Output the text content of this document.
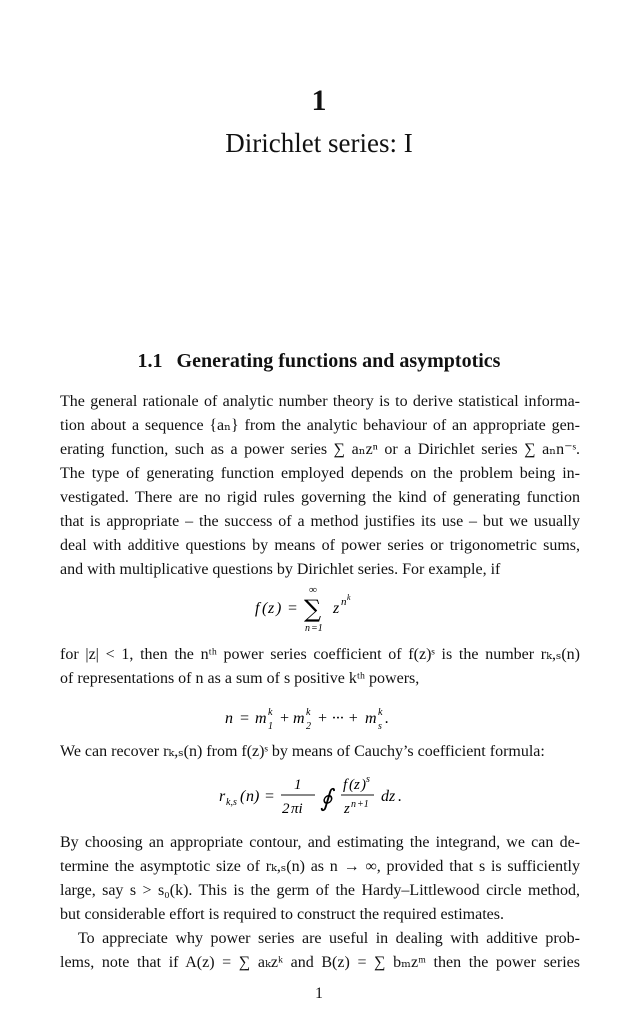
1
Dirichlet series: I
1.1 Generating functions and asymptotics
The general rationale of analytic number theory is to derive statistical informa-
tion about a sequence {aₙ} from the analytic behaviour of an appropriate gen-
erating function, such as a power series ∑ aₙzⁿ or a Dirichlet series ∑ aₙn⁻ˢ.
The type of generating function employed depends on the problem being in-
vestigated. There are no rigid rules governing the kind of generating function
that is appropriate – the success of a method justifies its use – but we usually
deal with additive questions by means of power series or trigonometric sums,
and with multiplicative questions by Dirichlet series. For example, if
f ( z ) =
∞
∑
n =1
z n k
for |z| < 1, then the nᵗʰ power series coefficient of f(z)ˢ is the number rₖ,ₛ(n)
of representations of n as a sum of s positive kᵗʰ powers,
n = m k
1 + m k
2 + ··· + m k
s .
We can recover rₖ,ₛ(n) from f(z)ˢ by means of Cauchy’s coefficient formula:
r k,s ( n ) =
1
2 πi ∮ f ( z ) s
z n +1 dz .
By choosing an appropriate contour, and estimating the integrand, we can de-
termine the asymptotic size of rₖ,ₛ(n) as n → ∞, provided that s is sufficiently
large, say s > s₀(k). This is the germ of the Hardy–Littlewood circle method,
but considerable effort is required to construct the required estimates.
To appreciate why power series are useful in dealing with additive prob-
lems, note that if A(z) = ∑ aₖzᵏ and B(z) = ∑ bₘzᵐ then the power series
1
